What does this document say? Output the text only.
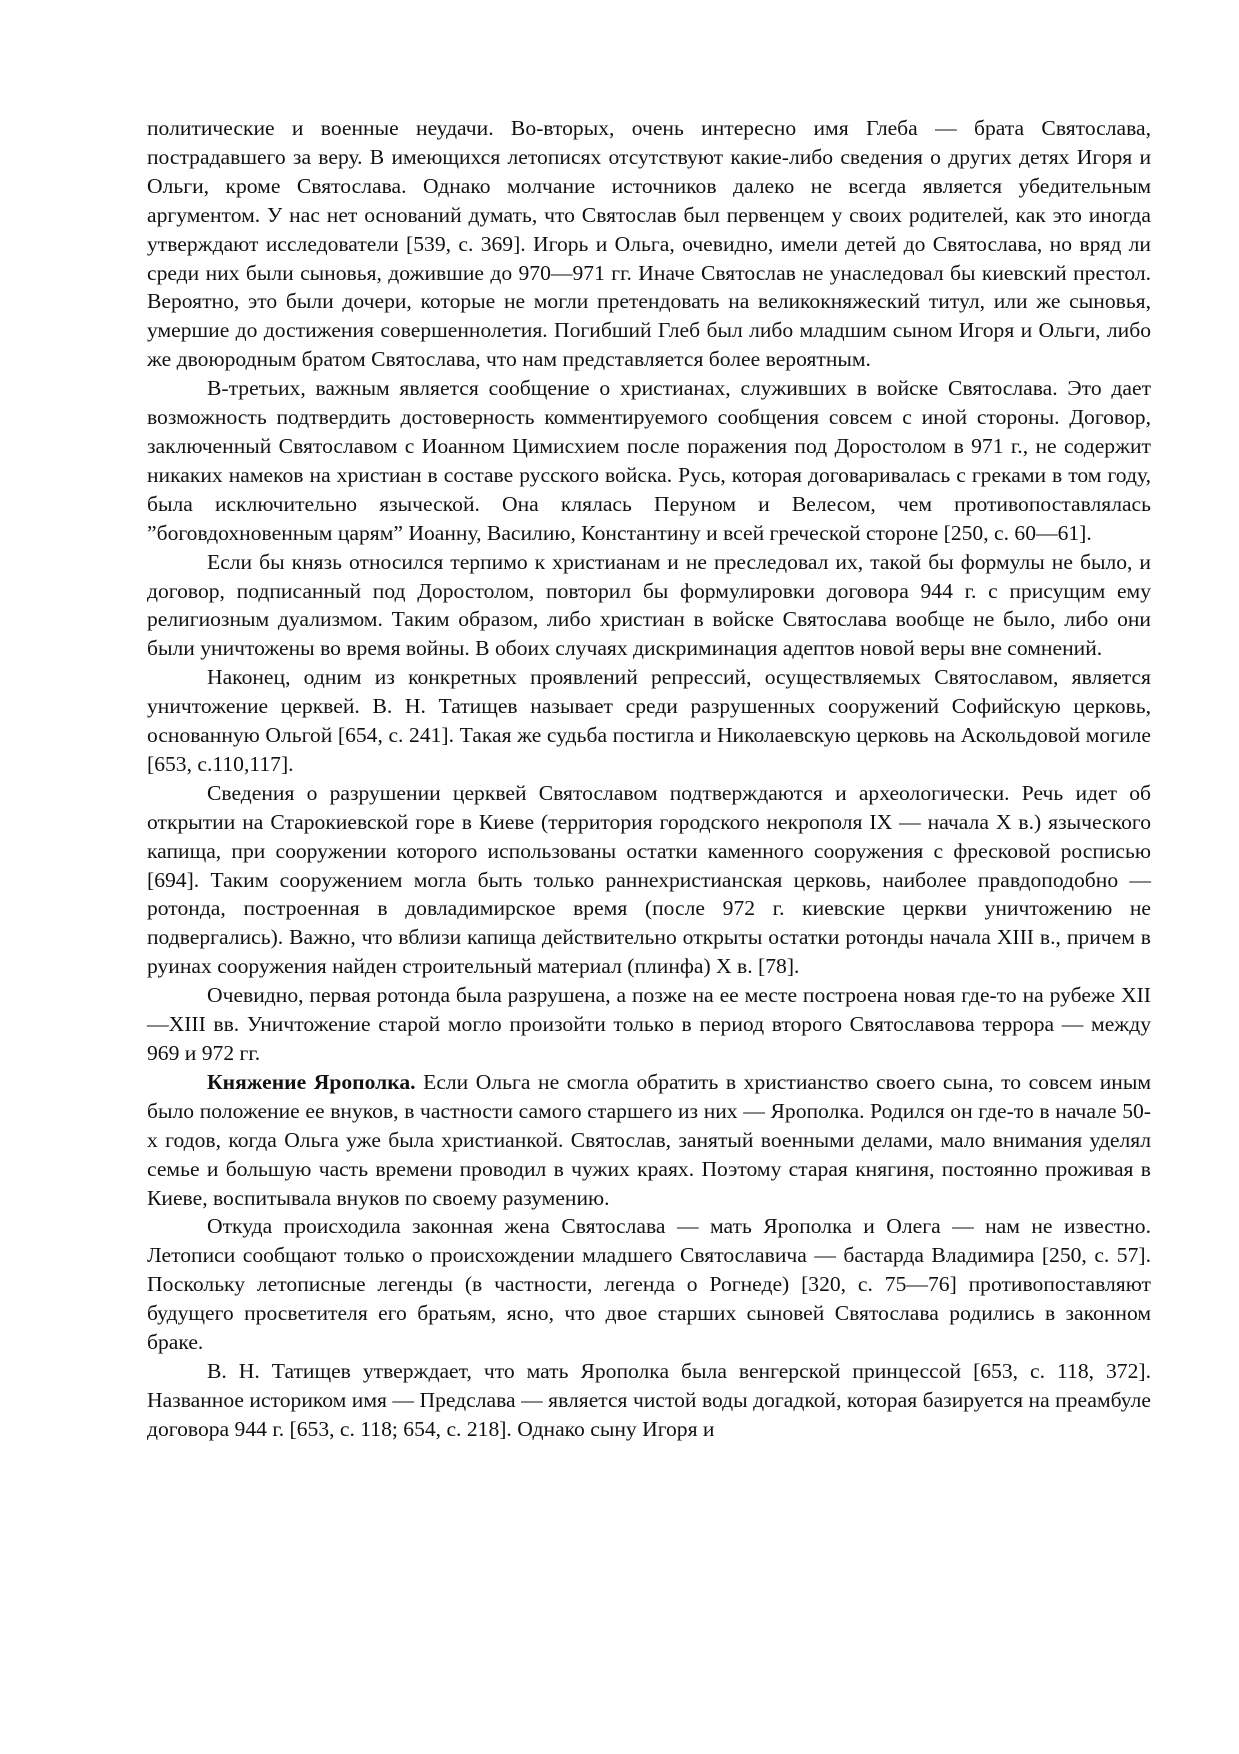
политические и военные неудачи. Во-вторых, очень интересно имя Глеба — брата Святослава, пострадавшего за веру. В имеющихся летописях отсутствуют какие-либо сведения о других детях Игоря и Ольги, кроме Святослава. Однако молчание источников далеко не всегда является убедительным аргументом. У нас нет оснований думать, что Святослав был первенцем у своих родителей, как это иногда утверждают исследователи [539, с. 369]. Игорь и Ольга, очевидно, имели детей до Святослава, но вряд ли среди них были сыновья, дожившие до 970—971 гг. Иначе Святослав не унаследовал бы киевский престол. Вероятно, это были дочери, которые не могли претендовать на великокняжеский титул, или же сыновья, умершие до достижения совершеннолетия. Погибший Глеб был либо младшим сыном Игоря и Ольги, либо же двоюродным братом Святослава, что нам представляется более вероятным.

В-третьих, важным является сообщение о христианах, служивших в войске Святослава. Это дает возможность подтвердить достоверность комментируемого сообщения совсем с иной стороны. Договор, заключенный Святославом с Иоанном Цимисхием после поражения под Доростолом в 971 г., не содержит никаких намеков на христиан в составе русского войска. Русь, которая договаривалась с греками в том году, была исключительно языческой. Она клялась Перуном и Велесом, чем противопоставлялась ”боговдохновенным царям” Иоанну, Василию, Константину и всей греческой стороне [250, с. 60—61].

Если бы князь относился терпимо к христианам и не преследовал их, такой бы формулы не было, и договор, подписанный под Доростолом, повторил бы формулировки договора 944 г. с присущим ему религиозным дуализмом. Таким образом, либо христиан в войске Святослава вообще не было, либо они были уничтожены во время войны. В обоих случаях дискриминация адептов новой веры вне сомнений.

Наконец, одним из конкретных проявлений репрессий, осуществляемых Святославом, является уничтожение церквей. В. Н. Татищев называет среди разрушенных сооружений Софийскую церковь, основанную Ольгой [654, с. 241]. Такая же судьба постигла и Николаевскую церковь на Аскольдовой могиле [653, с.110,117].

Сведения о разрушении церквей Святославом подтверждаются и археологически. Речь идет об открытии на Старокиевской горе в Киеве (территория городского некрополя IX — начала X в.) языческого капища, при сооружении которого использованы остатки каменного сооружения с фресковой росписью [694]. Таким сооружением могла быть только раннехристианская церковь, наиболее правдоподобно — ротонда, построенная в довладимирское время (после 972 г. киевские церкви уничтожению не подвергались). Важно, что вблизи капища действительно открыты остатки ротонды начала XIII в., причем в руинах сооружения найден строительный материал (плинфа) X в. [78].

Очевидно, первая ротонда была разрушена, а позже на ее месте построена новая где-то на рубеже XII—XIII вв. Уничтожение старой могло произойти только в период второго Святославова террора — между 969 и 972 гг.

Княжение Ярополка. Если Ольга не смогла обратить в христианство своего сына, то совсем иным было положение ее внуков, в частности самого старшего из них — Ярополка. Родился он где-то в начале 50-х годов, когда Ольга уже была христианкой. Святослав, занятый военными делами, мало внимания уделял семье и большую часть времени проводил в чужих краях. Поэтому старая княгиня, постоянно проживая в Киеве, воспитывала внуков по своему разумению.

Откуда происходила законная жена Святослава — мать Ярополка и Олега — нам не известно. Летописи сообщают только о происхождении младшего Святославича — бастарда Владимира [250, с. 57]. Поскольку летописные легенды (в частности, легенда о Рогнеде) [320, с. 75—76] противопоставляют будущего просветителя его братьям, ясно, что двое старших сыновей Святослава родились в законном браке.

В. Н. Татищев утверждает, что мать Ярополка была венгерской принцессой [653, с. 118, 372]. Названное историком имя — Предслава — является чистой воды догадкой, которая базируется на преамбуле договора 944 г. [653, с. 118; 654, с. 218]. Однако сыну Игоря и
